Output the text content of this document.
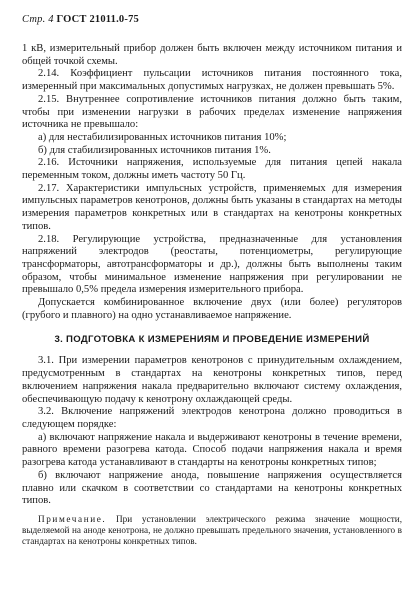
Стр. 4 ГОСТ 21011.0-75

1 кВ, измерительный прибор должен быть включен между источником питания и общей точкой схемы.

2.14. Коэффициент пульсации источников питания постоянного тока, измеренный при максимальных допустимых нагрузках, не должен превышать 5%.

2.15. Внутреннее сопротивление источников питания должно быть таким, чтобы при изменении нагрузки в рабочих пределах изменение напряжения источника не превышало:

а) для нестабилизированных источников питания 10%;

б) для стабилизированных источников питания 1%.

2.16. Источники напряжения, используемые для питания цепей накала переменным током, должны иметь частоту 50 Гц.

2.17. Характеристики импульсных устройств, применяемых для измерения импульсных параметров кенотронов, должны быть указаны в стандартах на методы измерения параметров конкретных или в стандартах на кенотроны конкретных типов.

2.18. Регулирующие устройства, предназначенные для установления напряжений электродов (реостаты, потенциометры, регулирующие трансформаторы, автотрансформаторы и др.), должны быть выполнены таким образом, чтобы минимальное изменение напряжения при регулировании не превышало 0,5% предела измерения измерительного прибора.

Допускается комбинированное включение двух (или более) регуляторов (грубого и плавного) на одно устанавливаемое напряжение.

3. ПОДГОТОВКА К ИЗМЕРЕНИЯМ И ПРОВЕДЕНИЕ ИЗМЕРЕНИЙ

3.1. При измерении параметров кенотронов с принудительным охлаждением, предусмотренным в стандартах на кенотроны конкретных типов, перед включением напряжения накала предварительно включают систему охлаждения, обеспечивающую подачу к кенотрону охлаждающей среды.

3.2. Включение напряжений электродов кенотрона должно проводиться в следующем порядке:

а) включают напряжение накала и выдерживают кенотроны в течение времени, равного времени разогрева катода. Способ подачи напряжения накала и время разогрева катода устанавливают в стандарты на кенотроны конкретных типов;

б) включают напряжение анода, повышение напряжения осуществляется плавно или скачком в соответствии со стандартами на кенотроны конкретных типов.

Примечание. При установлении электрического режима значение мощности, выделяемой на аноде кенотрона, не должно превышать предельного значения, установленного в стандартах на кенотроны конкретных типов.
